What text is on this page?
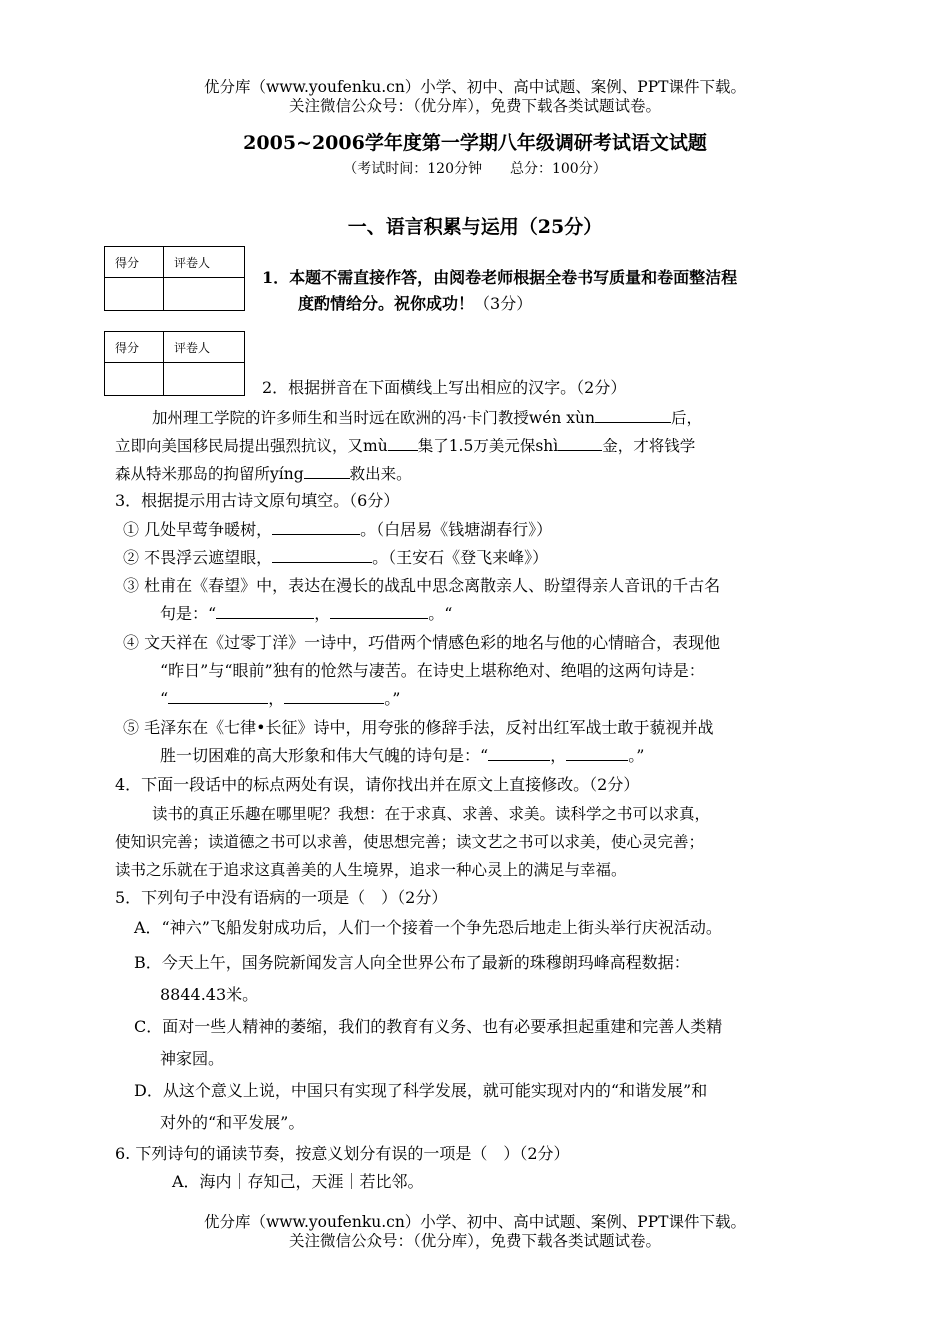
优分库（www.youfenku.cn）小学、初中、高中试题、案例、PPT课件下载。
关注微信公众号：（优分库），免费下载各类试题试卷。
2005~2006学年度第一学期八年级调研考试语文试题
（考试时间：120分钟　　总分：100分）
一、语言积累与运用（25分）
得分	评卷人

得分	评卷人

1．本题不需直接作答，由阅卷老师根据全卷书写质量和卷面整洁程
度酌情给分。祝你成功！（3分）
2．根据拼音在下面横线上写出相应的汉字。（2分）
加州理工学院的许多师生和当时远在欧洲的冯·卡门教授wén xùn	后，
立即向美国移民局提出强烈抗议，又mù 集了1.5万美元保shì	金，才将钱学
森从特米那岛的拘留所yíng	救出来。
3．根据提示用古诗文原句填空。（6分）
① 几处早莺争暖树，	。（白居易《钱塘湖春行》）
② 不畏浮云遮望眼，	。（王安石《登飞来峰》）
③ 杜甫在《春望》中，表达在漫长的战乱中思念离散亲人、盼望得亲人音讯的千古名
句是：“	，	。“
④ 文天祥在《过零丁洋》一诗中，巧借两个情感色彩的地名与他的心情暗合，表现他
“昨日”与“眼前”独有的怆然与凄苦。在诗史上堪称绝对、绝唱的这两句诗是：
“	，	。”
⑤ 毛泽东在《七律•长征》诗中，用夸张的修辞手法，反衬出红军战士敢于藐视并战
胜一切困难的高大形象和伟大气魄的诗句是：“	，	。”
4．下面一段话中的标点两处有误，请你找出并在原文上直接修改。（2分）
读书的真正乐趣在哪里呢？我想：在于求真、求善、求美。读科学之书可以求真，
使知识完善；读道德之书可以求善，使思想完善；读文艺之书可以求美，使心灵完善；
读书之乐就在于追求这真善美的人生境界，追求一种心灵上的满足与幸福。
5．下列句子中没有语病的一项是（　）（2分）
A．“神六”飞船发射成功后，人们一个接着一个争先恐后地走上街头举行庆祝活动。
B．今天上午，国务院新闻发言人向全世界公布了最新的珠穆朗玛峰高程数据：
8844.43米。
C．面对一些人精神的萎缩，我们的教育有义务、也有必要承担起重建和完善人类精
神家园。
D．从这个意义上说，中国只有实现了科学发展，就可能实现对内的“和谐发展”和
对外的“和平发展”。
6. 下列诗句的诵读节奏，按意义划分有误的一项是（　）（2分）
A．海内｜存知己，天涯｜若比邻。
优分库（www.youfenku.cn）小学、初中、高中试题、案例、PPT课件下载。
关注微信公众号：（优分库），免费下载各类试题试卷。
